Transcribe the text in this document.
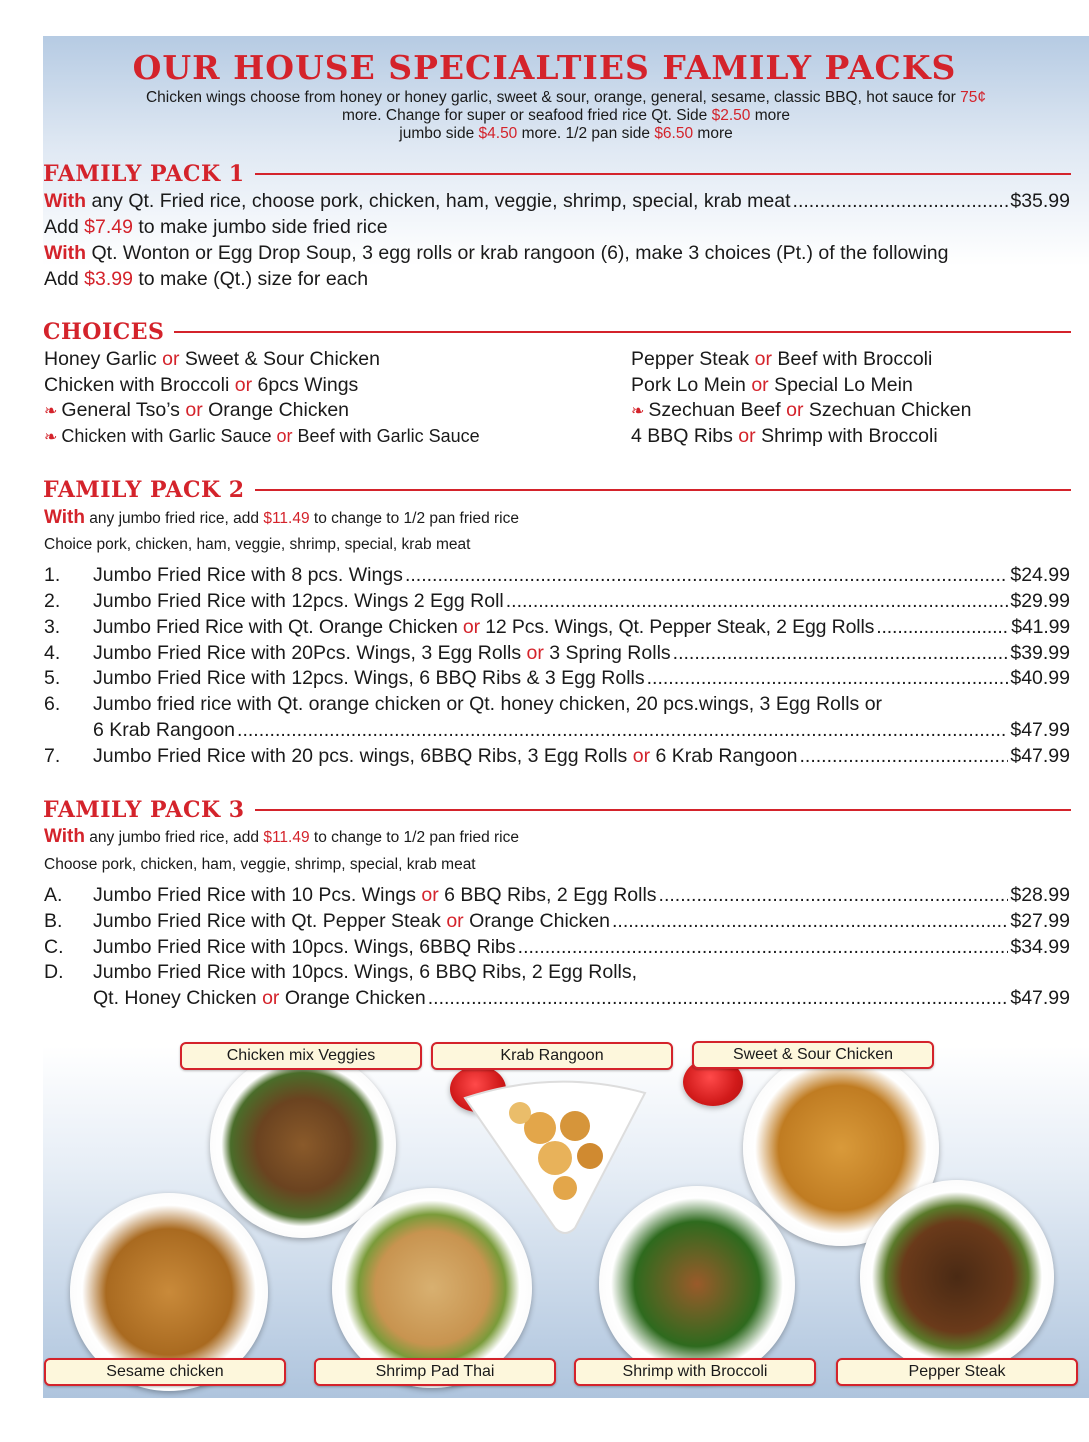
OUR HOUSE SPECIALTIES FAMILY PACKS
Chicken wings choose from honey or honey garlic, sweet & sour, orange, general, sesame, classic BBQ, hot sauce for 75¢
more. Change for super or seafood fried rice Qt. Side $2.50 more
jumbo side $4.50 more. 1/2 pan side $6.50 more
FAMILY PACK 1
With any Qt. Fried rice, choose pork, chicken, ham, veggie, shrimp, special, krab meat .....	$35.99
Add $7.49 to make jumbo side fried rice
With Qt. Wonton or Egg Drop Soup, 3 egg rolls or krab rangoon (6), make 3 choices (Pt.) of the following
Add $3.99 to make (Qt.) size for each
CHOICES
Honey Garlic or Sweet & Sour Chicken
Chicken with Broccoli or 6pcs Wings
❧ General Tso’s or Orange Chicken
❧ Chicken with Garlic Sauce or Beef with Garlic Sauce
Pepper Steak or Beef with Broccoli
Pork Lo Mein or Special Lo Mein
❧ Szechuan Beef or Szechuan Chicken
4 BBQ Ribs or Shrimp with Broccoli
FAMILY PACK 2
With any jumbo fried rice, add $11.49 to change to 1/2 pan fried rice
Choice pork, chicken, ham, veggie, shrimp, special, krab meat
1.	Jumbo Fried Rice with 8 pcs. Wings .....	$24.99
2.	Jumbo Fried Rice with 12pcs. Wings 2 Egg Roll .....	$29.99
3.	Jumbo Fried Rice with Qt. Orange Chicken or 12 Pcs. Wings, Qt. Pepper Steak, 2 Egg Rolls .....	$41.99
4.	Jumbo Fried Rice with 20Pcs. Wings, 3 Egg Rolls or 3 Spring Rolls .....	$39.99
5.	Jumbo Fried Rice with 12pcs. Wings, 6 BBQ Ribs & 3 Egg Rolls .....	$40.99
6.	Jumbo fried rice with Qt. orange chicken or Qt. honey chicken, 20 pcs.wings, 3 Egg Rolls or
6 Krab Rangoon .....	$47.99
7.	Jumbo Fried Rice with 20 pcs. wings, 6BBQ Ribs, 3 Egg Rolls or 6 Krab Rangoon .....	$47.99
FAMILY PACK 3
With any jumbo fried rice, add $11.49 to change to 1/2 pan fried rice
Choose pork, chicken, ham, veggie, shrimp, special, krab meat
A.	Jumbo Fried Rice with 10 Pcs. Wings or 6 BBQ Ribs, 2 Egg Rolls .....	$28.99
B.	Jumbo Fried Rice with Qt. Pepper Steak or Orange Chicken .....	$27.99
C.	Jumbo Fried Rice with 10pcs. Wings, 6BBQ Ribs .....	$34.99
D.	Jumbo Fried Rice with 10pcs. Wings, 6 BBQ Ribs, 2 Egg Rolls,
Qt. Honey Chicken or Orange Chicken .....	$47.99
Chicken mix Veggies	Krab Rangoon	Sweet & Sour Chicken
Sesame chicken	Shrimp Pad Thai	Shrimp with Broccoli	Pepper Steak
